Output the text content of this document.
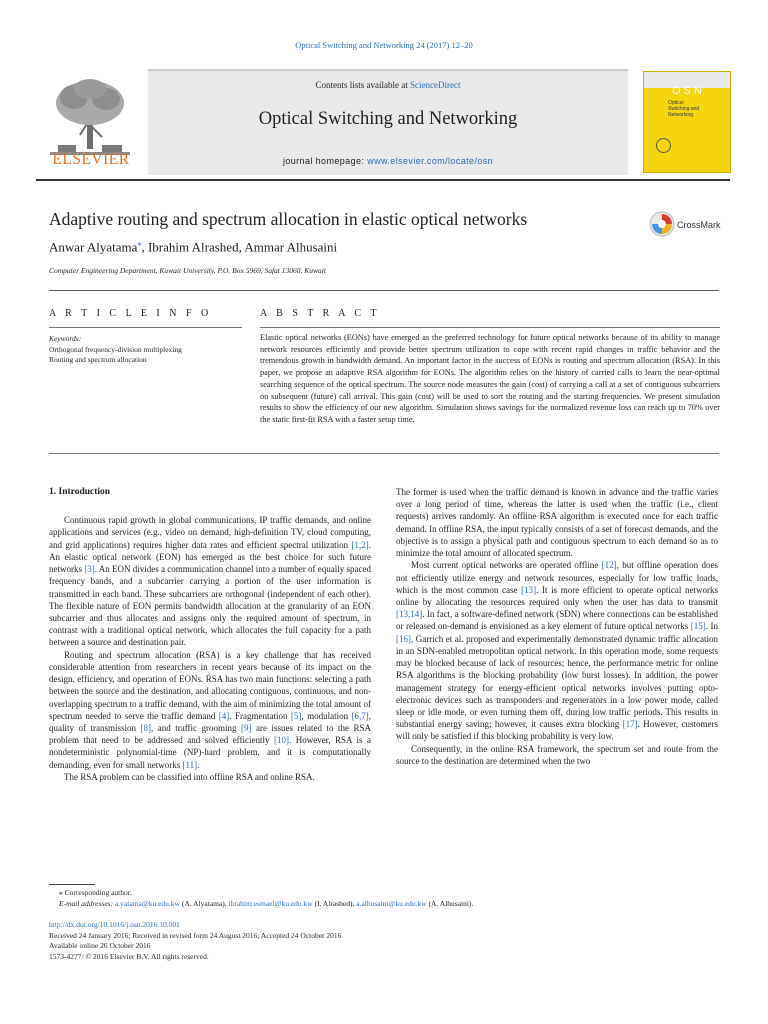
Optical Switching and Networking 24 (2017) 12–20
ELSEVIER
Contents lists available at ScienceDirect
Optical Switching and Networking
journal homepage: www.elsevier.com/locate/osn
OSN
Optical
Switching and
Networking
Adaptive routing and spectrum allocation in elastic optical networks	CrossMark
Anwar Alyatama⁎, Ibrahim Alrashed, Ammar Alhusaini
Computer Engineering Department, Kuwait University, P.O. Box 5969, Safat 13060, Kuwait
A R T I C L E I N F O	A B S T R A C T
Keywords:
Orthogonal frequency-division multiplexing
Routing and spectrum allocation
Elastic optical networks (EONs) have emerged as the preferred technology for future optical networks because of its ability to manage network resources efficiently and provide better spectrum utilization to cope with recent rapid changes in traffic behavior and the tremendous growth in bandwidth demand. An important factor in the success of EONs is routing and spectrum allocation (RSA). In this paper, we propose an adaptive RSA algorithm for EONs. The algorithm relies on the history of carried calls to learn the near-optimal searching sequence of the optical spectrum. The source node measures the gain (cost) of carrying a call at a set of contiguous subcarriers on subsequent (future) call arrival. This gain (cost) will be used to sort the routing and the starting frequencies. We present simulation results to show the efficiency of our new algorithm. Simulation shows savings for the normalized revenue loss can reach up to 70% over the static first-fit RSA with a faster setup time.
1. Introduction

Continuous rapid growth in global communications, IP traffic demands, and online applications and services (e.g., video on demand, high-definition TV, cloud computing, and grid applications) requires higher data rates and efficient spectral utilization [1,2]. An elastic optical network (EON) has emerged as the best choice for such future networks [3]. An EON divides a communication channel into a number of equally spaced frequency bands, and a subcarrier carrying a portion of the user information is transmitted in each band. These subcarriers are orthogonal (independent of each other). The flexible nature of EON permits bandwidth allocation at the granularity of an EON subcarrier and thus allocates and assigns only the required amount of spectrum, in contrast with a traditional optical network, which allocates the full capacity for a path between a source and destination pair.

Routing and spectrum allocation (RSA) is a key challenge that has received considerable attention from researchers in recent years because of its impact on the design, efficiency, and operation of EONs. RSA has two main functions: selecting a path between the source and the destination, and allocating contiguous, continuous, and non-overlapping spectrum to a traffic demand, with the aim of minimizing the total amount of spectrum needed to serve the traffic demand [4]. Fragmentation [5], modulation [6,7], quality of transmission [8], and traffic grooming [9] are issues related to the RSA problem that need to be addressed and solved efficiently [10]. However, RSA is a nondeterministic polynomial-time (NP)-hard problem, and it is computationally demanding, even for small networks [11].

The RSA problem can be classified into offline RSA and online RSA.

The former is used when the traffic demand is known in advance and the traffic varies over a long period of time, whereas the latter is used when the traffic (i.e., client requests) arrives randomly. An offline RSA algorithm is executed once for each traffic demand. In offline RSA, the input typically consists of a set of forecast demands, and the objective is to assign a physical path and contiguous spectrum to each demand so as to minimize the total amount of allocated spectrum.

Most current optical networks are operated offline [12], but offline operation does not efficiently utilize energy and network resources, especially for low traffic loads, which is the most common case [13]. It is more efficient to operate optical networks online by allocating the resources required only when the user has data to transmit [13,14]. In fact, a software-defined network (SDN) where connections can be established or released on-demand is envisioned as a key element of future optical networks [15]. In [16], Garrich et al. proposed and experimentally demonstrated dynamic traffic allocation in an SDN-enabled metropolitan optical network. In this operation mode, some requests may be blocked because of lack of resources; hence, the performance metric for online RSA algorithms is the blocking probability (low burst losses). In addition, the power management strategy for energy-efficient optical networks involves putting opto-electronic devices such as transponders and regenerators in a low power mode, called sleep or idle mode, or even turning them off, during low traffic periods. This results in substantial energy saving; however, it causes extra blocking [17]. However, customers will only be satisfied if this blocking probability is very low.

Consequently, in the online RSA framework, the spectrum set and route from the source to the destination are determined when the two

⁎ Corresponding author.
E-mail addresses: a.yatama@ku.edu.kw (A. Alyatama), ibrahim.esmael@ku.edu.kw (I. Alrashed), a.alhusaini@ku.edu.kw (A. Alhusaini).
http://dx.doi.org/10.1016/j.osn.2016.10.001
Received 24 January 2016; Received in revised form 24 August 2016; Accepted 24 October 2016
Available online 26 October 2016
1573-4277/ © 2016 Elsevier B.V. All rights reserved.
